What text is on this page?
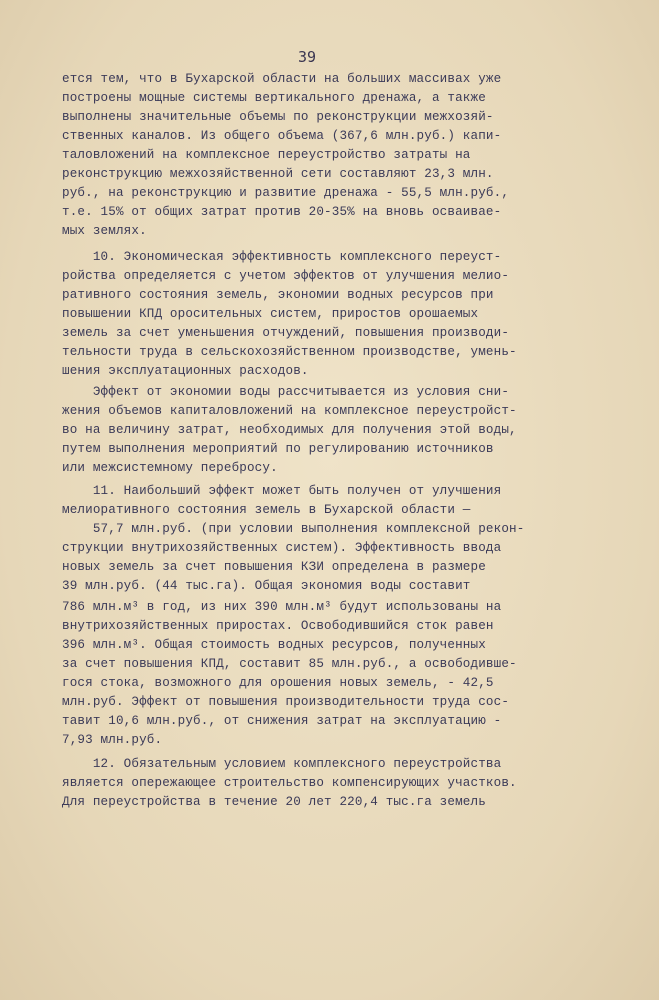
39
ется тем, что в Бухарской области на больших массивах уже
построены мощные системы вертикального дренажа, а также
выполнены значительные объемы по реконструкции межхозяй-
ственных каналов. Из общего объема (367,6 млн.руб.) капи-
таловложений на комплексное переустройство затраты на
реконструкцию межхозяйственной сети составляют 23,3 млн.
руб., на реконструкцию и развитие дренажа - 55,5 млн.руб.,
т.е. 15% от общих затрат против 20-35% на вновь осваивае-
мых землях.
10. Экономическая эффективность комплексного переуст-
ройства определяется с учетом эффектов от улучшения мелио-
ративного состояния земель, экономии водных ресурсов при
повышении КПД оросительных систем, приростов орошаемых
земель за счет уменьшения отчуждений, повышения производи-
тельности труда в сельскохозяйственном производстве, умень-
шения эксплуатационных расходов.
Эффект от экономии воды рассчитывается из условия сни-
жения объемов капиталовложений на комплексное переустройст-
во на величину затрат, необходимых для получения этой воды,
путем выполнения мероприятий по регулированию источников
или межсистемному перебросу.
11. Наибольший эффект может быть получен от улучшения
мелиоративного состояния земель в Бухарской области —
57,7 млн.руб. (при условии выполнения комплексной рекон-
струкции внутрихозяйственных систем). Эффективность ввода
новых земель за счет повышения КЗИ определена в размере
39 млн.руб. (44 тыс.га). Общая экономия воды составит
786 млн.м³ в год, из них 390 млн.м³ будут использованы на
внутрихозяйственных приростах. Освободившийся сток равен
396 млн.м³. Общая стоимость водных ресурсов, полученных
за счет повышения КПД, составит 85 млн.руб., а освободивше-
гося стока, возможного для орошения новых земель, - 42,5
млн.руб. Эффект от повышения производительности труда сос-
тавит 10,6 млн.руб., от снижения затрат на эксплуатацию -
7,93 млн.руб.
12. Обязательным условием комплексного переустройства
является опережающее строительство компенсирующих участков.
Для переустройства в течение 20 лет 220,4 тыс.га земель
